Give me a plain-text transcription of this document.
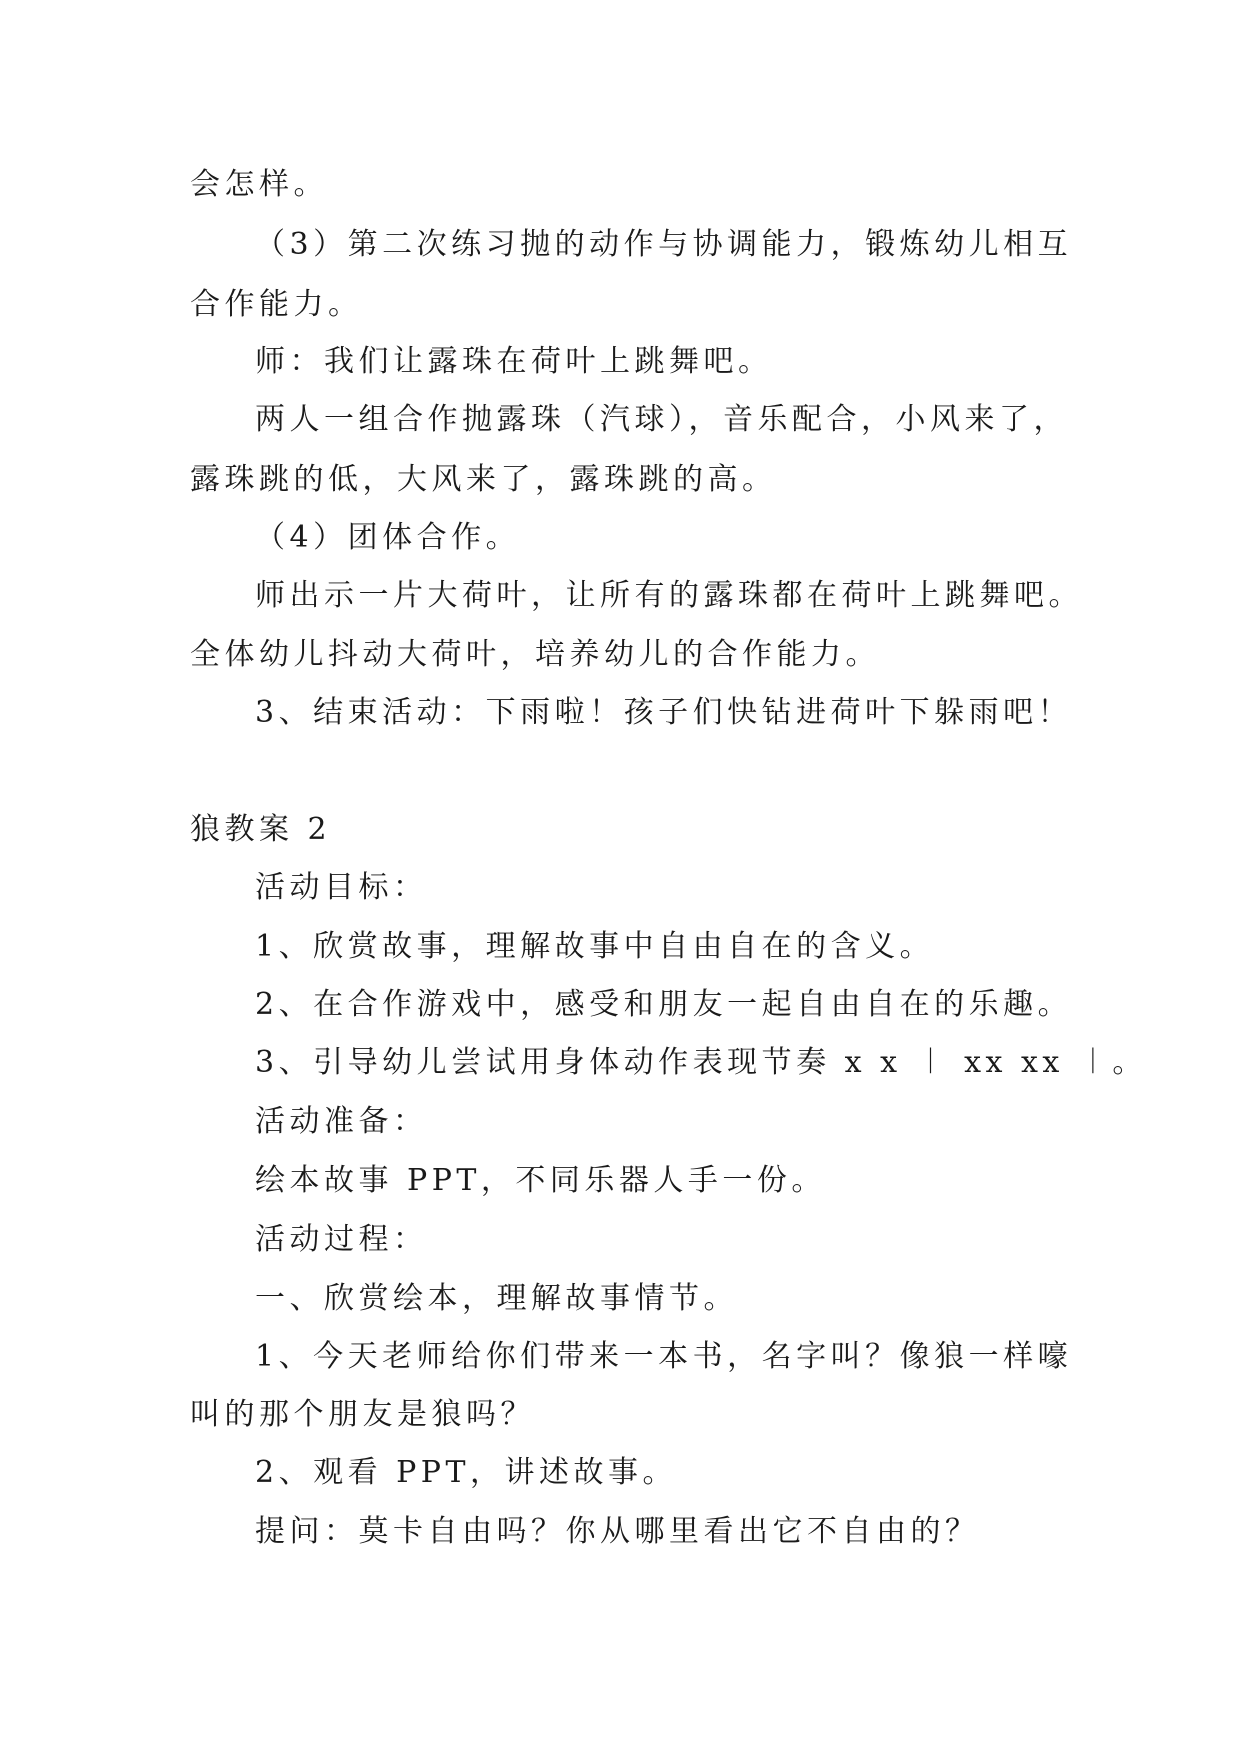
会怎样。
（3）第二次练习抛的动作与协调能力，锻炼幼儿相互
合作能力。
师：我们让露珠在荷叶上跳舞吧。
两人一组合作抛露珠（汽球），音乐配合，小风来了，
露珠跳的低，大风来了，露珠跳的高。
（4）团体合作。
师出示一片大荷叶，让所有的露珠都在荷叶上跳舞吧。
全体幼儿抖动大荷叶，培养幼儿的合作能力。
3、结束活动：下雨啦！孩子们快钻进荷叶下躲雨吧！
狼教案 2
活动目标：
1、欣赏故事，理解故事中自由自在的含义。
2、在合作游戏中，感受和朋友一起自由自在的乐趣。
3、引导幼儿尝试用身体动作表现节奏 x x ︱ xx xx ︱。
活动准备：
绘本故事 PPT，不同乐器人手一份。
活动过程：
一、欣赏绘本，理解故事情节。
1、今天老师给你们带来一本书，名字叫？像狼一样嚎
叫的那个朋友是狼吗？
2、观看 PPT，讲述故事。
提问：莫卡自由吗？你从哪里看出它不自由的？
